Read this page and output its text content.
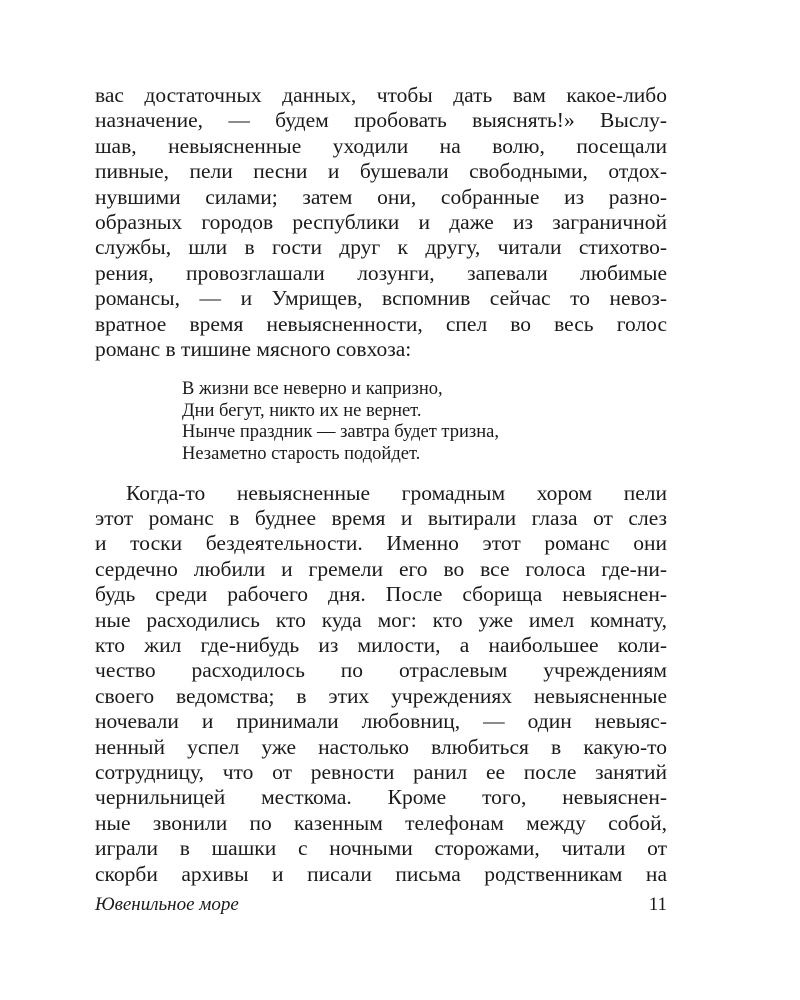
вас достаточных данных, чтобы дать вам какое-либо
назначение, — будем пробовать выяснять!» Выслу-
шав, невыясненные уходили на волю, посещали
пивные, пели песни и бушевали свободными, отдох-
нувшими силами; затем они, собранные из разно-
образных городов республики и даже из заграничной
службы, шли в гости друг к другу, читали стихотво-
рения, провозглашали лозунги, запевали любимые
романсы, — и Умрищев, вспомнив сейчас то невоз-
вратное время невыясненности, спел во весь голос
романс в тишине мясного совхоза:
В жизни все неверно и капризно,
Дни бегут, никто их не вернет.
Нынче праздник — завтра будет тризна,
Незаметно старость подойдет.
Когда-то невыясненные громадным хором пели
этот романс в буднее время и вытирали глаза от слез
и тоски бездеятельности. Именно этот романс они
сердечно любили и гремели его во все голоса где-ни-
будь среди рабочего дня. После сборища невыяснен-
ные расходились кто куда мог: кто уже имел комнату,
кто жил где-нибудь из милости, а наибольшее коли-
чество расходилось по отраслевым учреждениям
своего ведомства; в этих учреждениях невыясненные
ночевали и принимали любовниц, — один невыяс-
ненный успел уже настолько влюбиться в какую-то
сотрудницу, что от ревности ранил ее после занятий
чернильницей месткома. Кроме того, невыяснен-
ные звонили по казенным телефонам между собой,
играли в шашки с ночными сторожами, читали от
скорби архивы и писали письма родственникам на
Ювенильное море	11
